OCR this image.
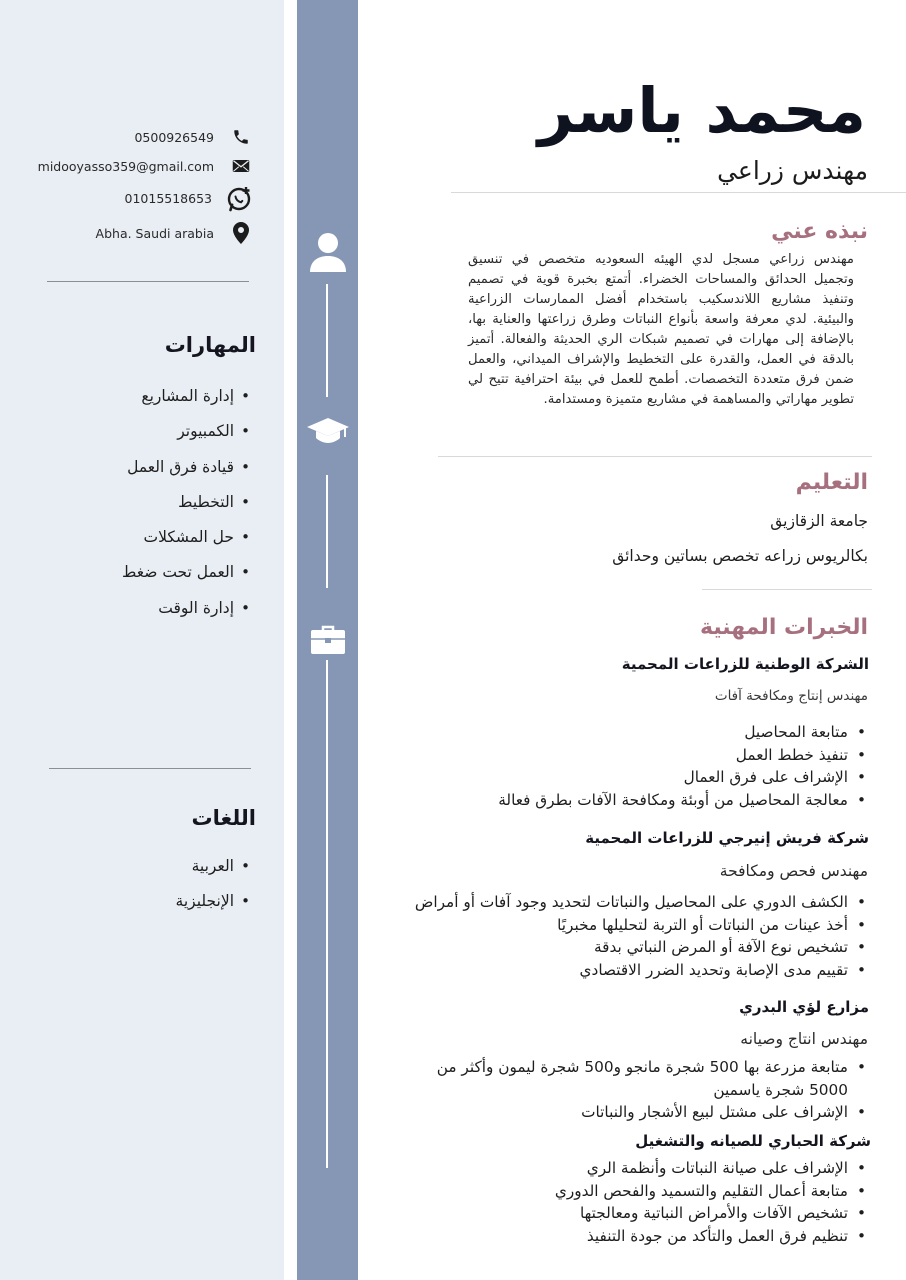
0500926549
midooyasso359@gmail.com
01015518653
Abha. Saudi arabia
المهارات
• إدارة المشاريع
• الكمبيوتر
• قيادة فرق العمل
• التخطيط
• حل المشكلات
• العمل تحت ضغط
• إدارة الوقت
اللغات
• العربية
• الإنجليزية
محمد ياسر
مهندس زراعي
نبذه عني

مهندس زراعي مسجل لدي الهيئه السعوديه متخصص في تنسيق وتجميل الحدائق والمساحات الخضراء. أتمتع بخبرة قوية في تصميم وتنفيذ مشاريع اللاندسكيب باستخدام أفضل الممارسات الزراعية والبيئية. لدي معرفة واسعة بأنواع النباتات وطرق زراعتها والعناية بها، بالإضافة إلى مهارات في تصميم شبكات الري الحديثة والفعالة. أتميز بالدقة في العمل، والقدرة على التخطيط والإشراف الميداني، والعمل ضمن فرق متعددة التخصصات. أطمح للعمل في بيئة احترافية تتيح لي تطوير مهاراتي والمساهمة في مشاريع متميزة ومستدامة.

التعليم
جامعة الزقازيق
بكالريوس زراعه تخصص بساتين وحدائق
الخبرات المهنية
الشركة الوطنية للزراعات المحمية
مهندس إنتاج ومكافحة آفات
• متابعة المحاصيل
• تنفيذ خطط العمل
• الإشراف على فرق العمال
• معالجة المحاصيل من أوبئة ومكافحة الآفات بطرق فعالة
شركة فريش إنيرجي للزراعات المحمية
مهندس فحص ومكافحة
• الكشف الدوري على المحاصيل والنباتات لتحديد وجود آفات أو أمراض
• أخذ عينات من النباتات أو التربة لتحليلها مخبريًا
• تشخيص نوع الآفة أو المرض النباتي بدقة
• تقييم مدى الإصابة وتحديد الضرر الاقتصادي
مزارع لؤي البدري
مهندس انتاج وصيانه
• متابعة مزرعة بها 500 شجرة مانجو و500 شجرة ليمون وأكثر من 5000 شجرة ياسمين
• الإشراف على مشتل لبيع الأشجار والنباتات
شركة الحباري للصيانه والتشغيل
• الإشراف على صيانة النباتات وأنظمة الري
• متابعة أعمال التقليم والتسميد والفحص الدوري
• تشخيص الآفات والأمراض النباتية ومعالجتها
• تنظيم فرق العمل والتأكد من جودة التنفيذ
